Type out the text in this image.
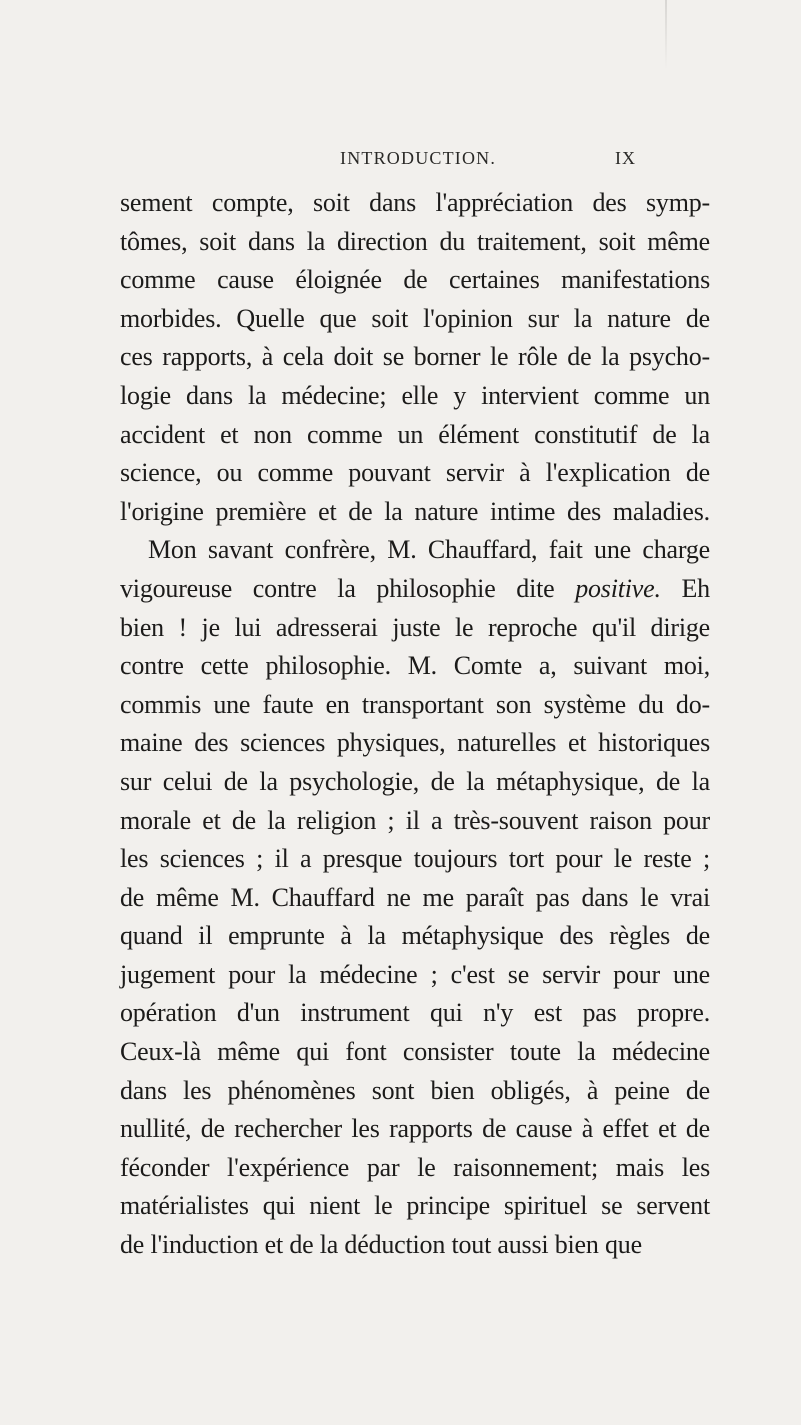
INTRODUCTION.	IX
sement compte, soit dans l'appréciation des symp-
tômes, soit dans la direction du traitement, soit même
comme cause éloignée de certaines manifestations
morbides. Quelle que soit l'opinion sur la nature de
ces rapports, à cela doit se borner le rôle de la psycho-
logie dans la médecine; elle y intervient comme un
accident et non comme un élément constitutif de la
science, ou comme pouvant servir à l'explication de
l'origine première et de la nature intime des maladies.
Mon savant confrère, M. Chauffard, fait une charge
vigoureuse contre la philosophie dite positive. Eh
bien ! je lui adresserai juste le reproche qu'il dirige
contre cette philosophie. M. Comte a, suivant moi,
commis une faute en transportant son système du do-
maine des sciences physiques, naturelles et historiques
sur celui de la psychologie, de la métaphysique, de la
morale et de la religion ; il a très-souvent raison pour
les sciences ; il a presque toujours tort pour le reste ;
de même M. Chauffard ne me paraît pas dans le vrai
quand il emprunte à la métaphysique des règles de
jugement pour la médecine ; c'est se servir pour une
opération d'un instrument qui n'y est pas propre.
Ceux-là même qui font consister toute la médecine
dans les phénomènes sont bien obligés, à peine de
nullité, de rechercher les rapports de cause à effet et de
féconder l'expérience par le raisonnement; mais les
matérialistes qui nient le principe spirituel se servent
de l'induction et de la déduction tout aussi bien que
